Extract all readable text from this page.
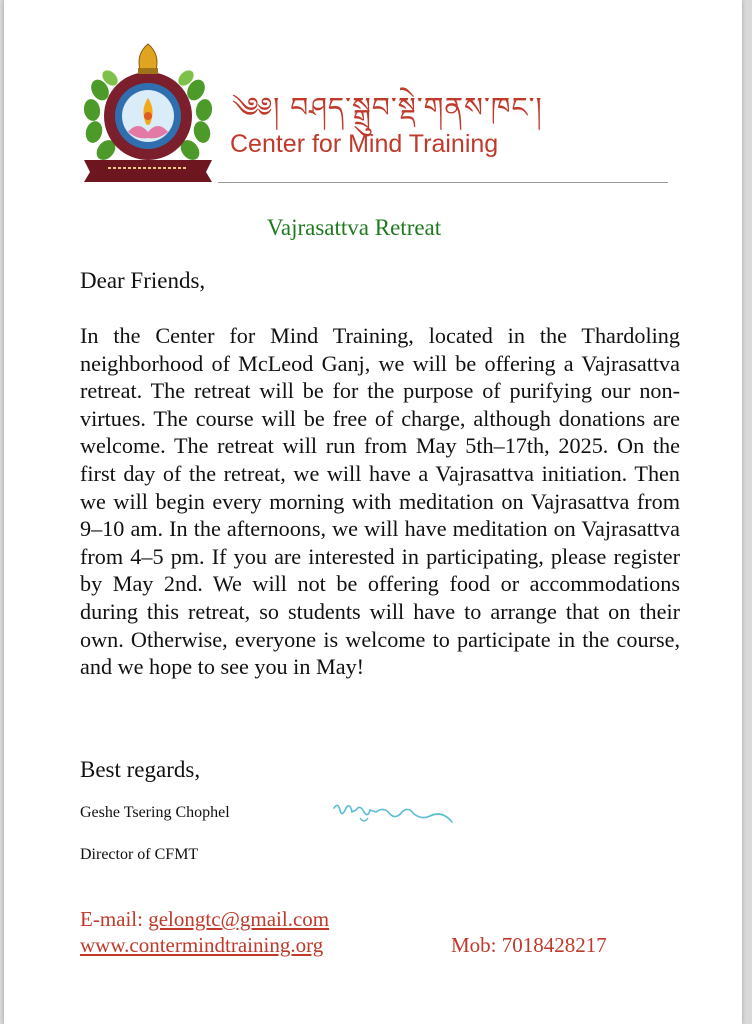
༄༅། བཤད་སྒྲུབ་སྡེ་གནས་ཁང་།
Center for Mind Training
Vajrasattva Retreat
Dear Friends,

In the Center for Mind Training, located in the Thardoling neighborhood of McLeod Ganj, we will be offering a Vajrasattva retreat. The retreat will be for the purpose of purifying our non-virtues. The course will be free of charge, although donations are welcome. The retreat will run from May 5th–17th, 2025. On the first day of the retreat, we will have a Vajrasattva initiation. Then we will begin every morning with meditation on Vajrasattva from 9–10 am. In the afternoons, we will have meditation on Vajrasattva from 4–5 pm. If you are interested in participating, please register by May 2nd. We will not be offering food or accommodations during this retreat, so students will have to arrange that on their own. Otherwise, everyone is welcome to participate in the course, and we hope to see you in May!

Best regards,
Geshe Tsering Chophel
Director of CFMT
E-mail: gelongtc@gmail.com
www.contermindtraining.org	Mob: 7018428217
